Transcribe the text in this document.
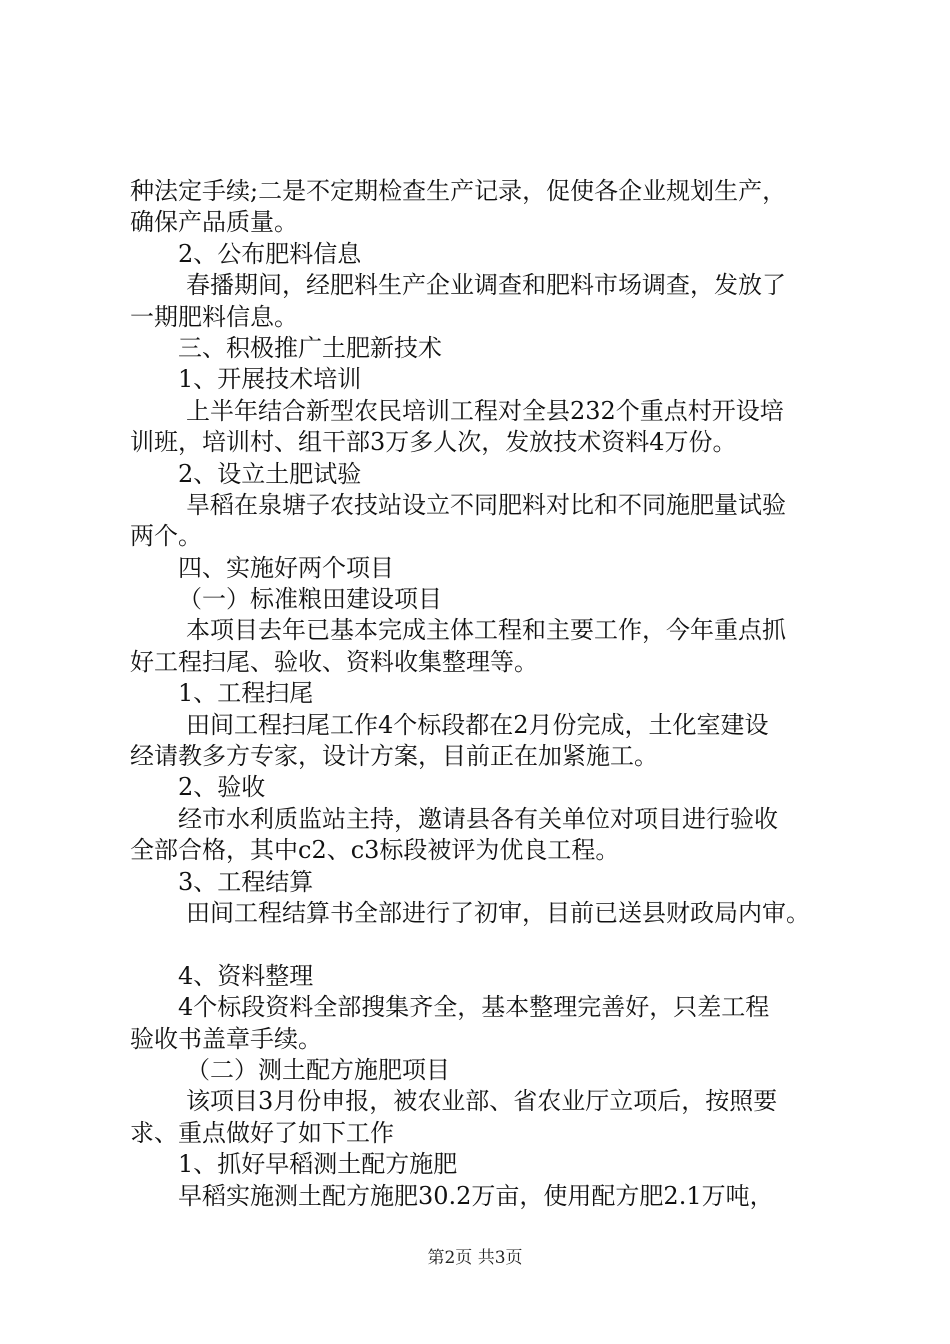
种法定手续;二是不定期检查生产记录，促使各企业规划生产，
确保产品质量。
2、公布肥料信息
春播期间，经肥料生产企业调查和肥料市场调查，发放了
一期肥料信息。
三、积极推广土肥新技术
1、开展技术培训
上半年结合新型农民培训工程对全县232个重点村开设培
训班，培训村、组干部3万多人次，发放技术资料4万份。
2、设立土肥试验
旱稻在泉塘子农技站设立不同肥料对比和不同施肥量试验
两个。
四、实施好两个项目
（一）标准粮田建设项目
本项目去年已基本完成主体工程和主要工作，今年重点抓
好工程扫尾、验收、资料收集整理等。
1、工程扫尾
田间工程扫尾工作4个标段都在2月份完成，土化室建设
经请教多方专家，设计方案，目前正在加紧施工。
2、验收
经市水利质监站主持，邀请县各有关单位对项目进行验收
全部合格，其中c2、c3标段被评为优良工程。
3、工程结算
田间工程结算书全部进行了初审，目前已送县财政局内审。
4、资料整理
4个标段资料全部搜集齐全，基本整理完善好，只差工程
验收书盖章手续。
（二）测土配方施肥项目
该项目3月份申报，被农业部、省农业厅立项后，按照要
求、重点做好了如下工作
1、抓好早稻测土配方施肥
早稻实施测土配方施肥30.2万亩，使用配方肥2.1万吨，
第2页 共3页
